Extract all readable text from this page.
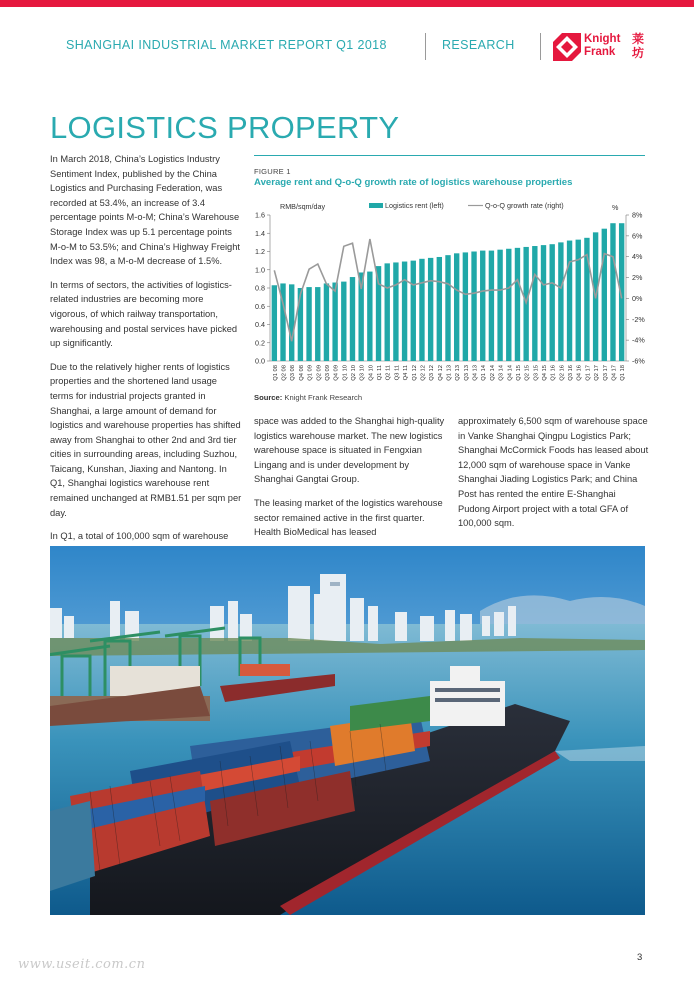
SHANGHAI INDUSTRIAL MARKET REPORT Q1 2018	RESEARCH	Knight
Frank
莱
坊
LOGISTICS PROPERTY

In March 2018, China’s Logistics Industry Sentiment Index, published by the China Logistics and Purchasing Federation, was recorded at 53.4%, an increase of 3.4 percentage points M-o-M; China’s Warehouse Storage Index was up 5.1 percentage points M-o-M to 53.5%; and China’s Highway Freight Index was 98, a M-o-M decrease of 1.5%.

In terms of sectors, the activities of logistics-related industries are becoming more vigorous, of which railway transportation, warehousing and postal services have picked up significantly.

Due to the relatively higher rents of logistics properties and the shortened land usage terms for industrial projects granted in Shanghai, a large amount of demand for logistics and warehouse properties has shifted away from Shanghai to other 2nd and 3rd tier cities in surrounding areas, including Suzhou, Taicang, Kunshan, Jiaxing and Nantong. In Q1, Shanghai logistics warehouse rent remained unchanged at RMB1.51 per sqm per day.

In Q1, a total of 100,000 sqm of warehouse

FIGURE 1
Average rent and Q-o-Q growth rate of logistics warehouse properties
0.0
0.2
0.4
0.6
0.8
1.0
1.2
1.4
1.6
-6%
-4%
-2%
0%
2%
4%
6%
8%
RMB/sqm/day	%
Logistics rent (left)	Q-o-Q growth rate (right)
Q1 08 Q2 08 Q3 08 Q4 08 Q1 09 Q2 09 Q3 09 Q4 09 Q1 10 Q2 10 Q3 10 Q4 10 Q1 11 Q2 11 Q3 11 Q4 11 Q1 12 Q2 12 Q3 12 Q4 12 Q1 13 Q2 13 Q3 13 Q4 13 Q1 14 Q2 14 Q3 14 Q4 14 Q1 15 Q2 15 Q3 15 Q4 15 Q1 16 Q2 16 Q3 16 Q4 16 Q1 17 Q2 17 Q3 17 Q4 17 Q1 18
Source: Knight Frank Research

space was added to the Shanghai high-quality logistics warehouse market. The new logistics warehouse space is situated in Fengxian Lingang and is under development by Shanghai Gangtai Group.

The leasing market of the logistics warehouse sector remained active in the first quarter. Health BioMedical has leased

approximately 6,500 sqm of warehouse space in Vanke Shanghai Qingpu Logistics Park; Shanghai McCormick Foods has leased about 12,000 sqm of warehouse space in Vanke Shanghai Jiading Logistics Park; and China Post has rented the entire E-Shanghai Pudong Airport project with a total GFA of 100,000 sqm.

3
www.useit.com.cn
